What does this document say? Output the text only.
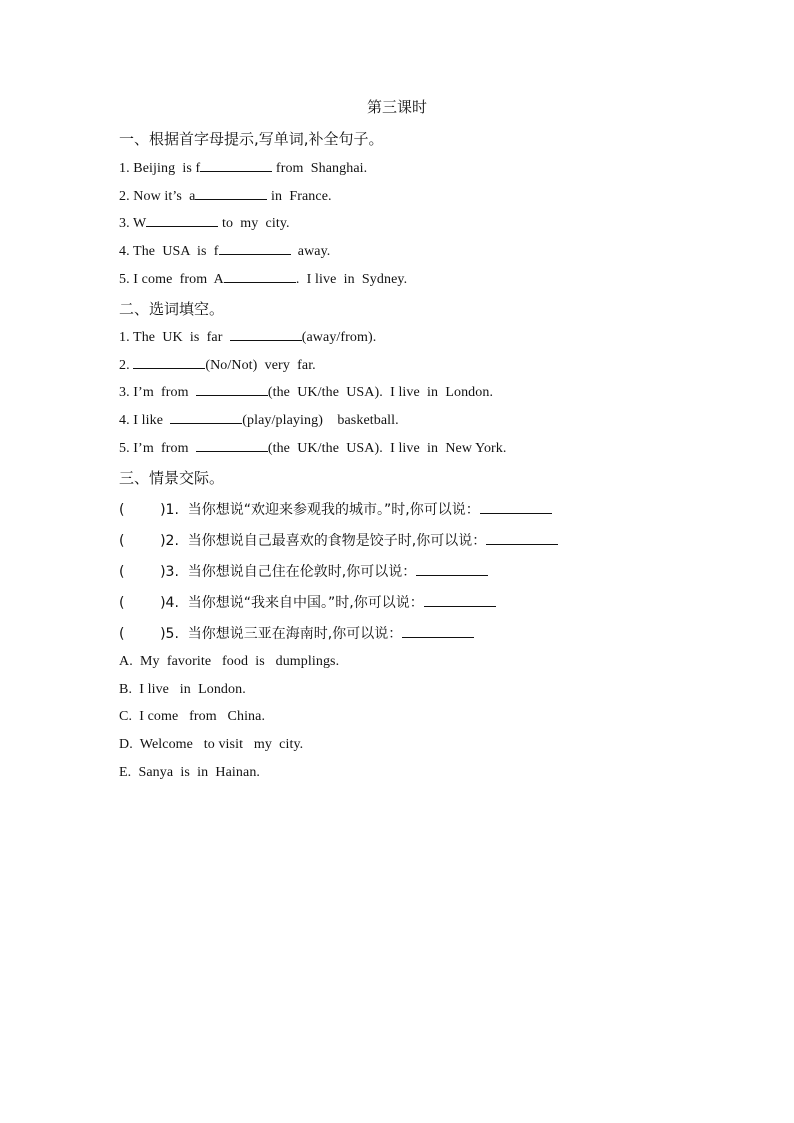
第三课时
一、根据首字母提示,写单词,补全句子。
1. Beijing  is f	from  Shanghai.
2. Now it’s  a	in  France.
3. W	to  my  city.
4. The  USA  is  f	away.
5. I come  from  A	.  I live  in  Sydney.
二、选词填空。
1. The  UK  is  far	(away/from).
2.	(No/Not)  very  far.
3. I’m  from	(the  UK/the  USA).  I live  in  London.
4. I like	(play/playing)    basketball.
5. I’m  from	(the  UK/the  USA).  I live  in  New York.
三、情景交际。
(        )1. 当你想说“欢迎来参观我的城市。”时,你可以说：
(        )2. 当你想说自己最喜欢的食物是饺子时,你可以说：
(        )3. 当你想说自己住在伦敦时,你可以说：
(        )4. 当你想说“我来自中国。”时,你可以说：
(        )5. 当你想说三亚在海南时,你可以说：
A.  My  favorite   food  is   dumplings.
B.  I live   in  London.
C.  I come   from   China.
D.  Welcome   to visit   my  city.
E.  Sanya  is  in  Hainan.
